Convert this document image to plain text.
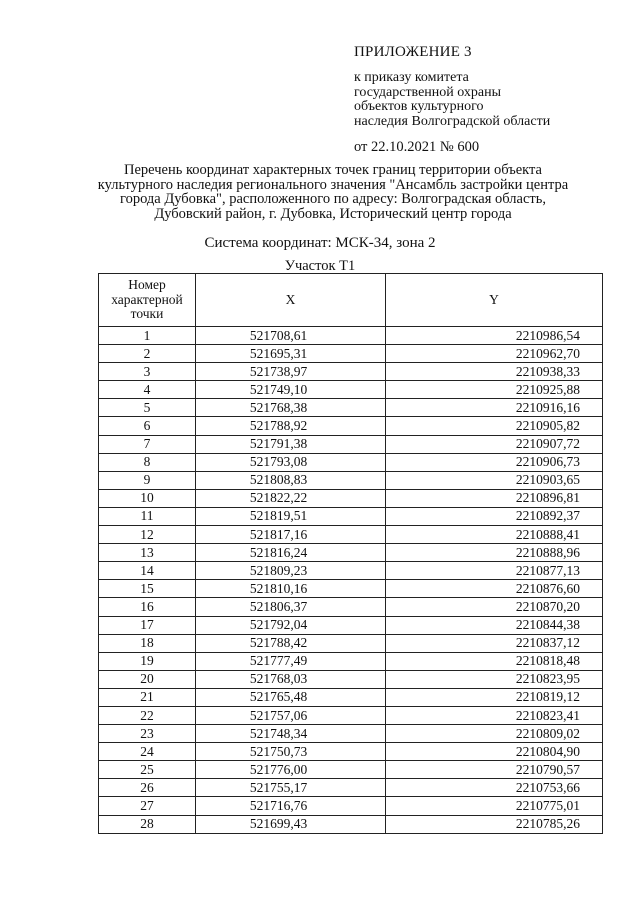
ПРИЛОЖЕНИЕ 3
к приказу комитета
государственной охраны
объектов культурного
наследия Волгоградской области
от 22.10.2021 № 600
Перечень координат характерных точек границ территории объекта
культурного наследия регионального значения "Ансамбль застройки центра
города Дубовка", расположенного по адресу: Волгоградская область,
Дубовский район, г. Дубовка, Исторический центр города
Система координат: МСК-34, зона 2
Участок Т1
Номер
характерной
точки	X	Y
1	521708,61	2210986,54
2	521695,31	2210962,70
3	521738,97	2210938,33
4	521749,10	2210925,88
5	521768,38	2210916,16
6	521788,92	2210905,82
7	521791,38	2210907,72
8	521793,08	2210906,73
9	521808,83	2210903,65
10	521822,22	2210896,81
11	521819,51	2210892,37
12	521817,16	2210888,41
13	521816,24	2210888,96
14	521809,23	2210877,13
15	521810,16	2210876,60
16	521806,37	2210870,20
17	521792,04	2210844,38
18	521788,42	2210837,12
19	521777,49	2210818,48
20	521768,03	2210823,95
21	521765,48	2210819,12
22	521757,06	2210823,41
23	521748,34	2210809,02
24	521750,73	2210804,90
25	521776,00	2210790,57
26	521755,17	2210753,66
27	521716,76	2210775,01
28	521699,43	2210785,26
